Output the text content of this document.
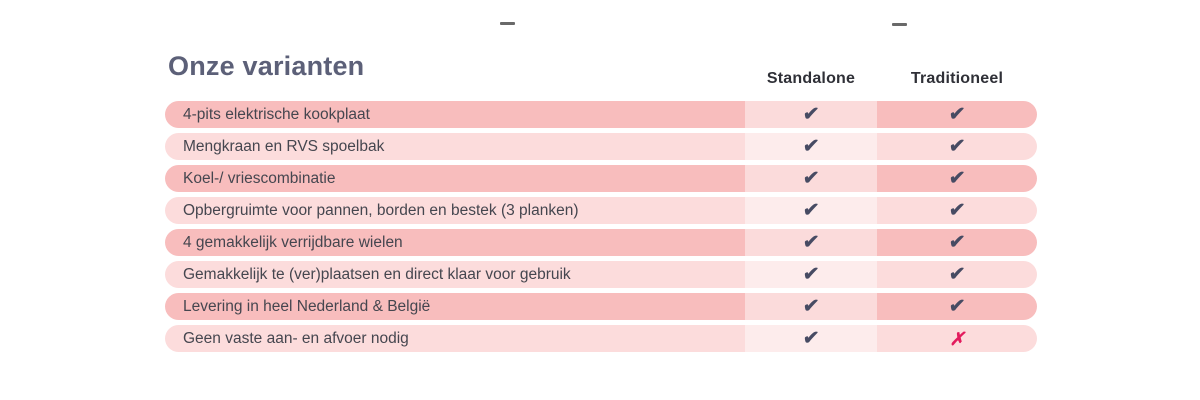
Onze varianten	Standalone	Traditioneel
4-pits elektrische kookplaat	✔	✔
Mengkraan en RVS spoelbak	✔	✔
Koel-/ vriescombinatie	✔	✔
Opbergruimte voor pannen, borden en bestek (3 planken)	✔	✔
4 gemakkelijk verrijdbare wielen	✔	✔
Gemakkelijk te (ver)plaatsen en direct klaar voor gebruik	✔	✔
Levering in heel Nederland & België	✔	✔
Geen vaste aan- en afvoer nodig	✔	✗
